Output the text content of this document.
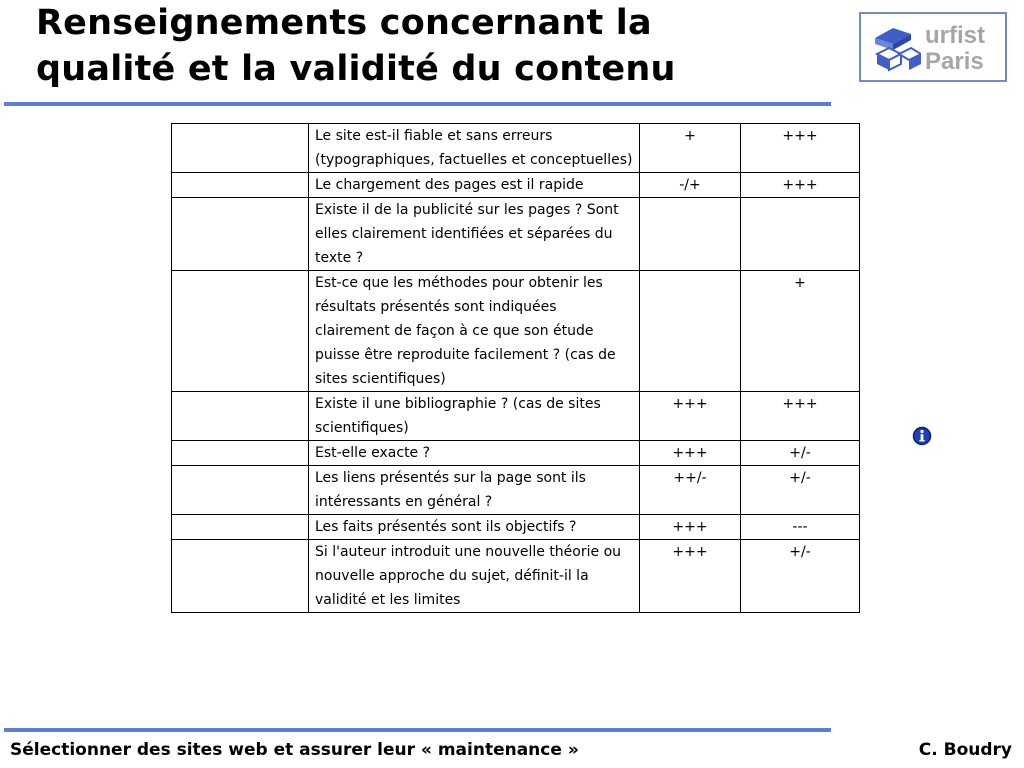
Renseignements concernant la
qualité et la validité du contenu
urfist
Paris
	Le site est-il fiable et sans erreurs (typographiques, factuelles et conceptuelles)	+	+++
	Le chargement des pages est il rapide	-/+	+++
	Existe il de la publicité sur les pages ? Sont elles clairement identifiées et séparées du texte ?		
	Est-ce que les méthodes pour obtenir les résultats présentés sont indiquées clairement de façon à ce que son étude puisse être reproduite facilement ? (cas de sites scientifiques)		+
	Existe il une bibliographie ? (cas de sites scientifiques)	+++	+++
	Est-elle exacte ?	+++	+/-
	Les liens présentés sur la page sont ils intéressants en général ?	++/-	+/-
	Les faits présentés sont ils objectifs ?	+++	---
	Si l'auteur introduit une nouvelle théorie ou nouvelle approche du sujet, définit-il la validité et les limites	+++	+/-
Sélectionner des sites web et assurer leur « maintenance »	C. Boudry
